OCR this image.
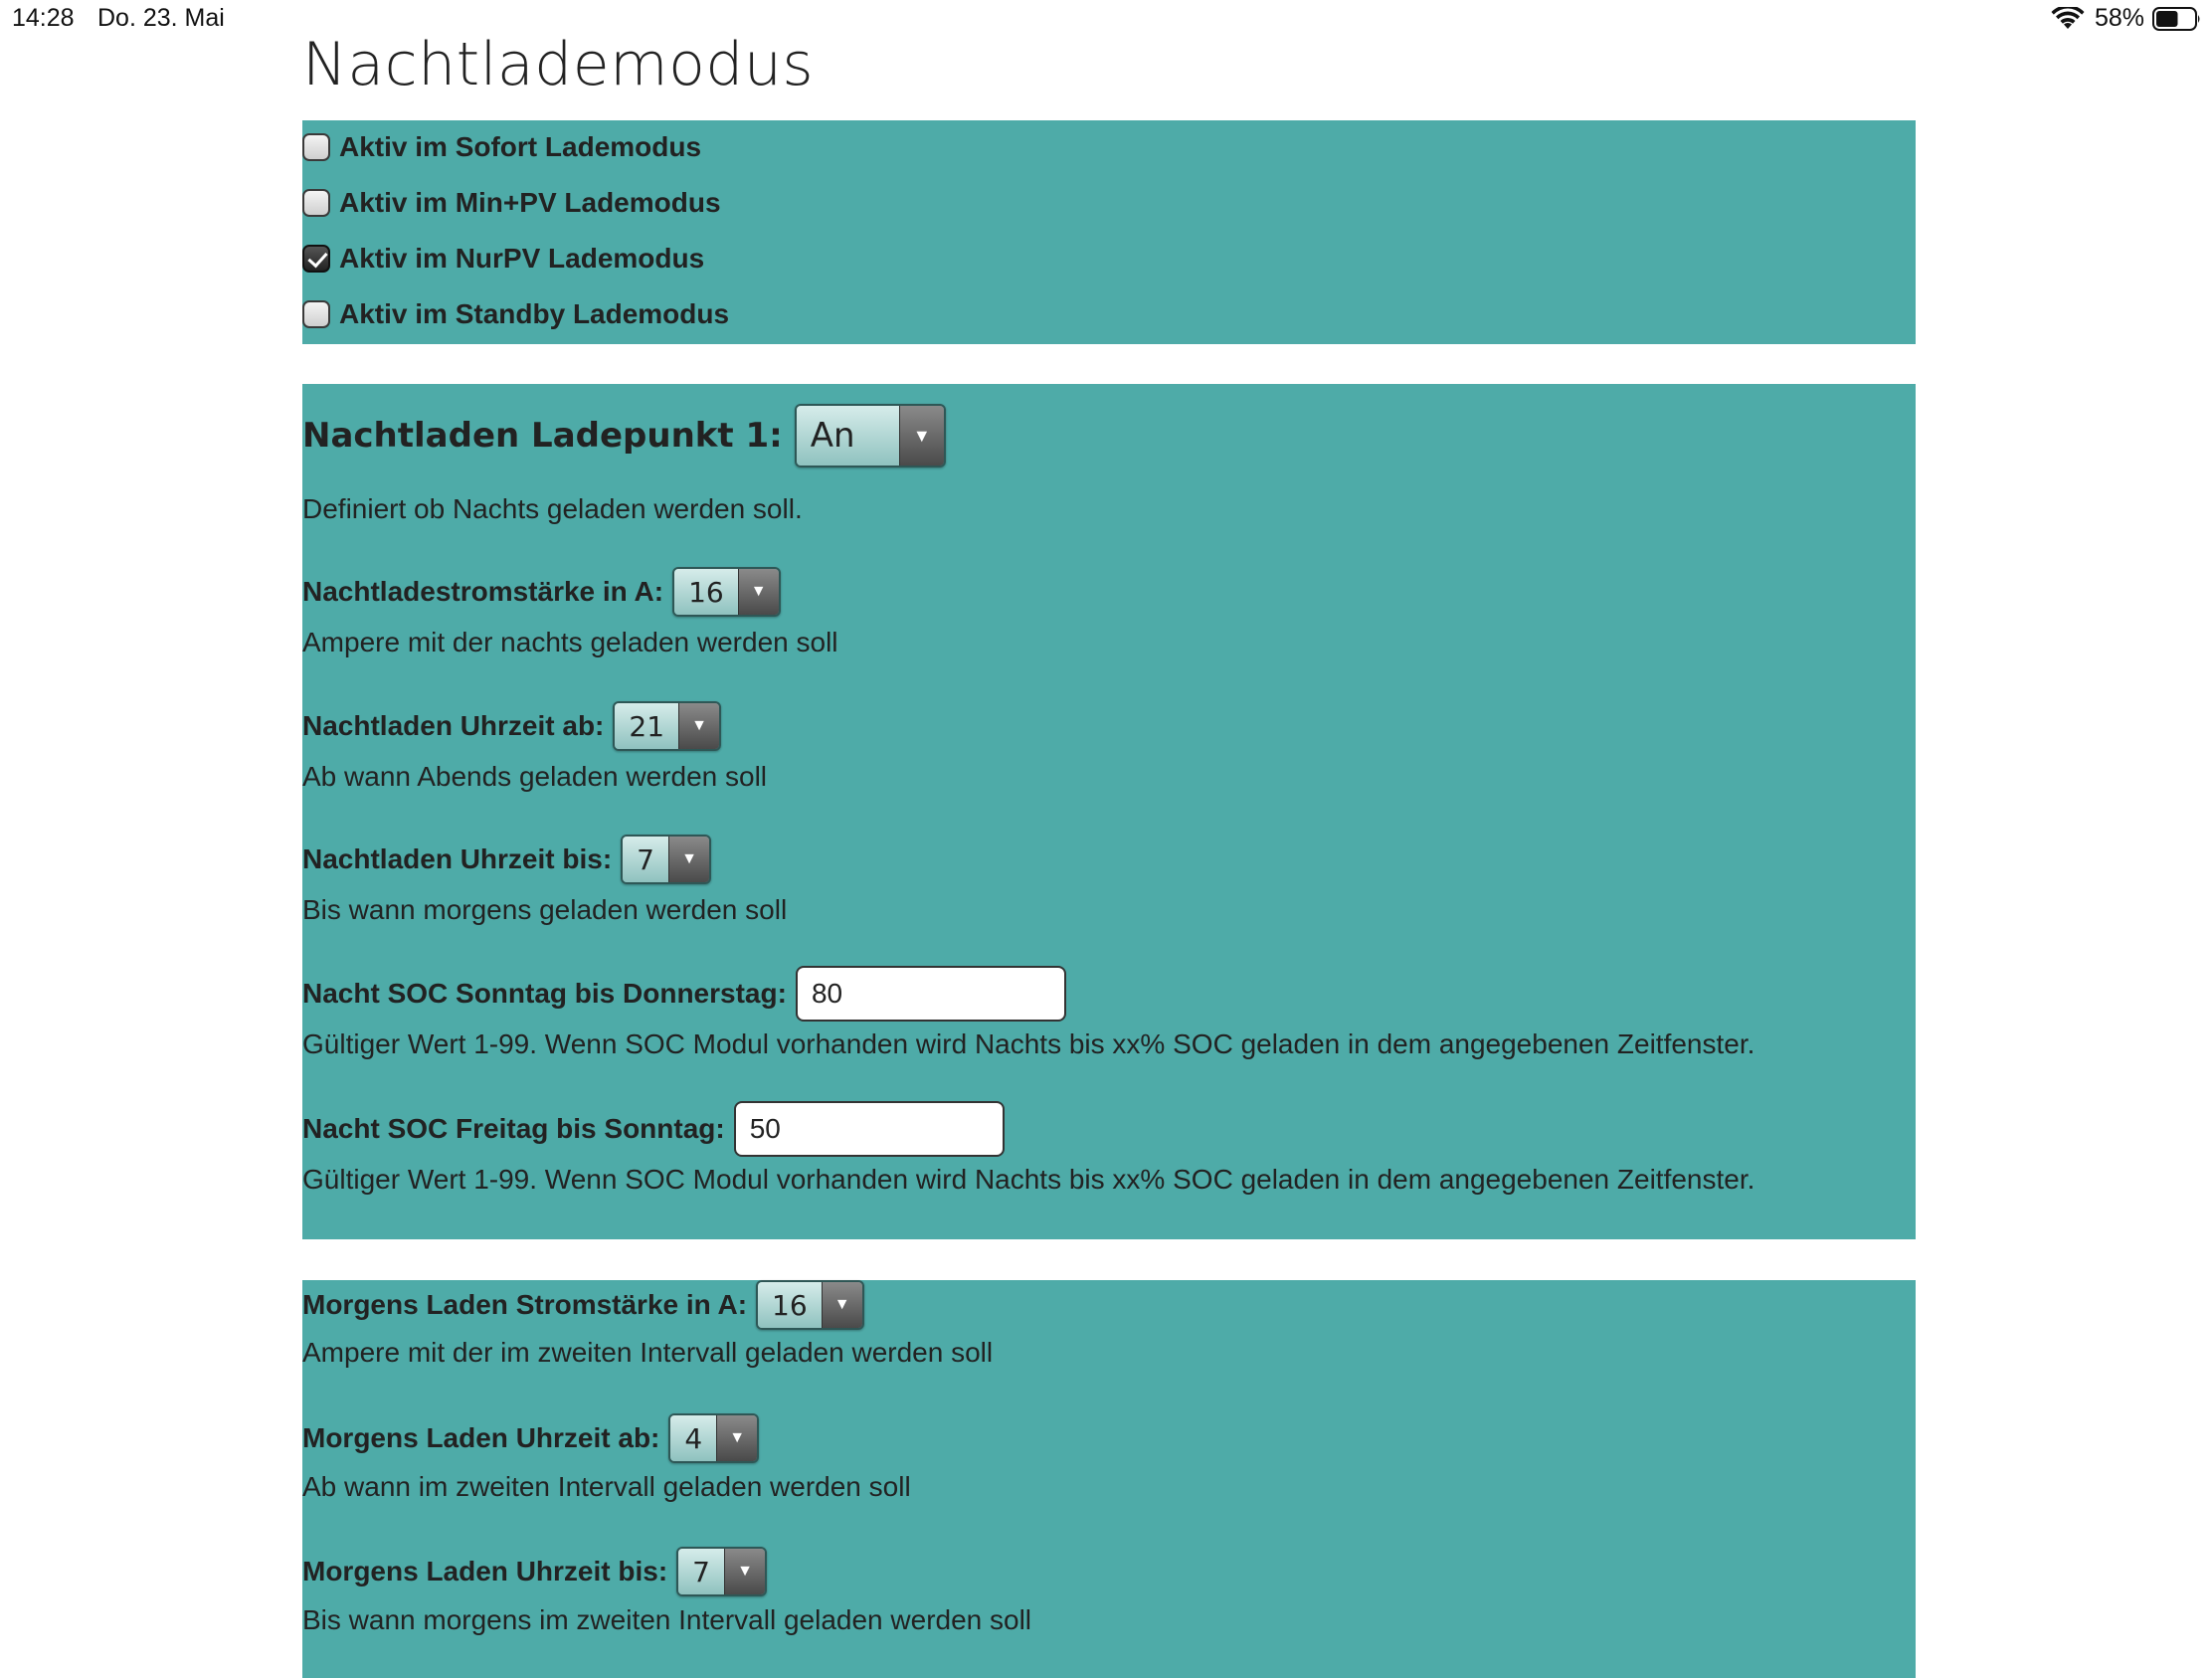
14:28 Do. 23. Mai	58%
Nachtlademodus
Aktiv im Sofort Lademodus
Aktiv im Min+PV Lademodus
Aktiv im NurPV Lademodus
Aktiv im Standby Lademodus
Nachtladen Ladepunkt 1: An	▼
Definiert ob Nachts geladen werden soll.
Nachtladestromstärke in A: 16	▼
Ampere mit der nachts geladen werden soll
Nachtladen Uhrzeit ab: 21	▼
Ab wann Abends geladen werden soll
Nachtladen Uhrzeit bis: 7	▼
Bis wann morgens geladen werden soll
Nacht SOC Sonntag bis Donnerstag:
80
Gültiger Wert 1-99. Wenn SOC Modul vorhanden wird Nachts bis xx% SOC geladen in dem angegebenen Zeitfenster.
Nacht SOC Freitag bis Sonntag:
50
Gültiger Wert 1-99. Wenn SOC Modul vorhanden wird Nachts bis xx% SOC geladen in dem angegebenen Zeitfenster.
Morgens Laden Stromstärke in A: 16	▼
Ampere mit der im zweiten Intervall geladen werden soll
Morgens Laden Uhrzeit ab: 4	▼
Ab wann im zweiten Intervall geladen werden soll
Morgens Laden Uhrzeit bis: 7	▼
Bis wann morgens im zweiten Intervall geladen werden soll
